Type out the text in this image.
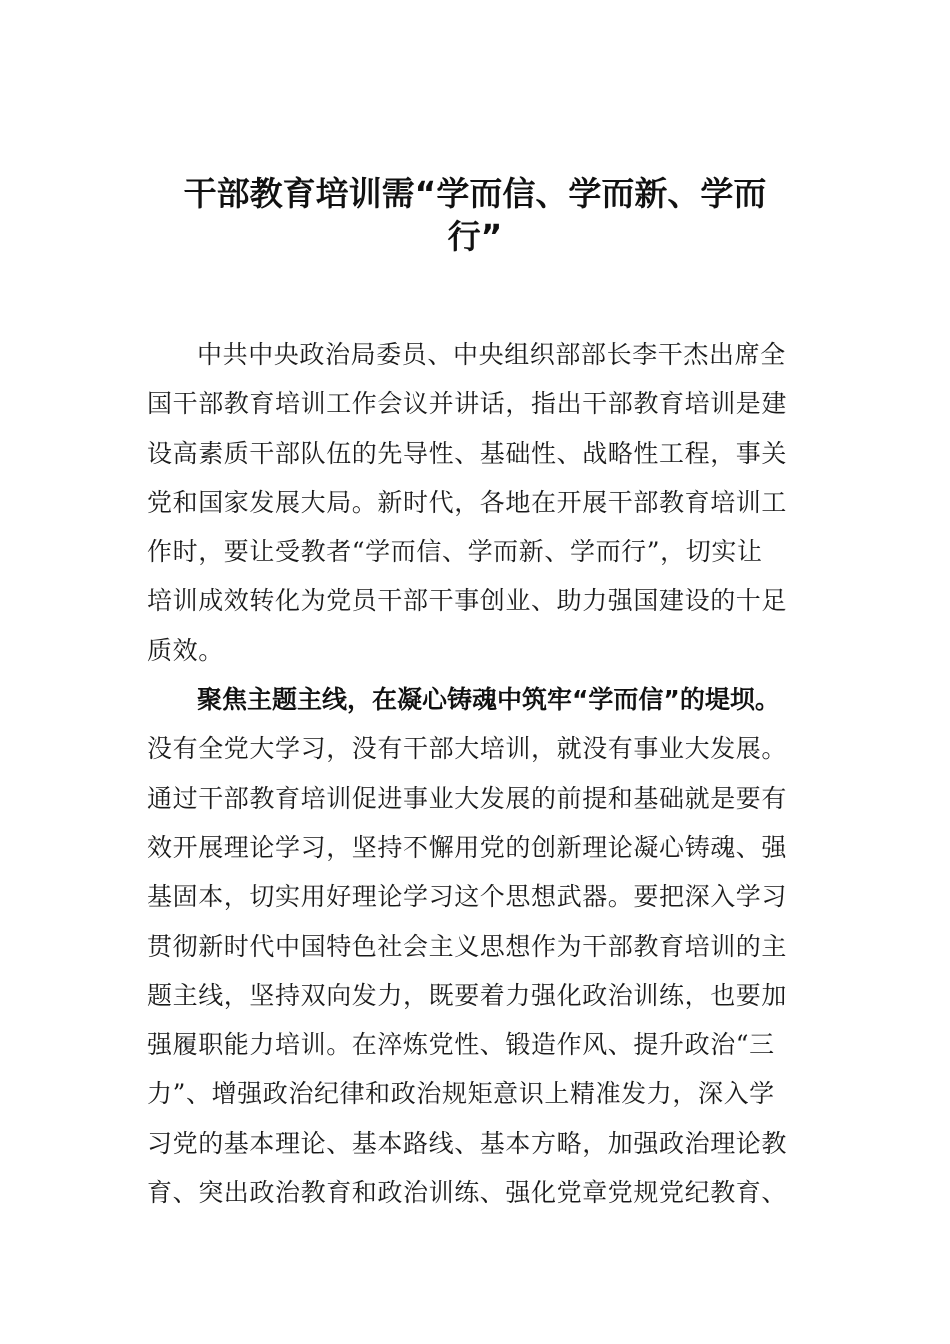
干部教育培训需“学而信、学而新、学而
行”
中共中央政治局委员、中央组织部部长李干杰出席全
国干部教育培训工作会议并讲话，指出干部教育培训是建
设高素质干部队伍的先导性、基础性、战略性工程，事关
党和国家发展大局。新时代，各地在开展干部教育培训工
作时，要让受教者“学而信、学而新、学而行”，切实让
培训成效转化为党员干部干事创业、助力强国建设的十足
质效。
聚焦主题主线，在凝心铸魂中筑牢“学而信”的堤坝。
没有全党大学习，没有干部大培训，就没有事业大发展。
通过干部教育培训促进事业大发展的前提和基础就是要有
效开展理论学习，坚持不懈用党的创新理论凝心铸魂、强
基固本，切实用好理论学习这个思想武器。要把深入学习
贯彻新时代中国特色社会主义思想作为干部教育培训的主
题主线，坚持双向发力，既要着力强化政治训练，也要加
强履职能力培训。在淬炼党性、锻造作风、提升政治“三
力”、增强政治纪律和政治规矩意识上精准发力，深入学
习党的基本理论、基本路线、基本方略，加强政治理论教
育、突出政治教育和政治训练、强化党章党规党纪教育、
